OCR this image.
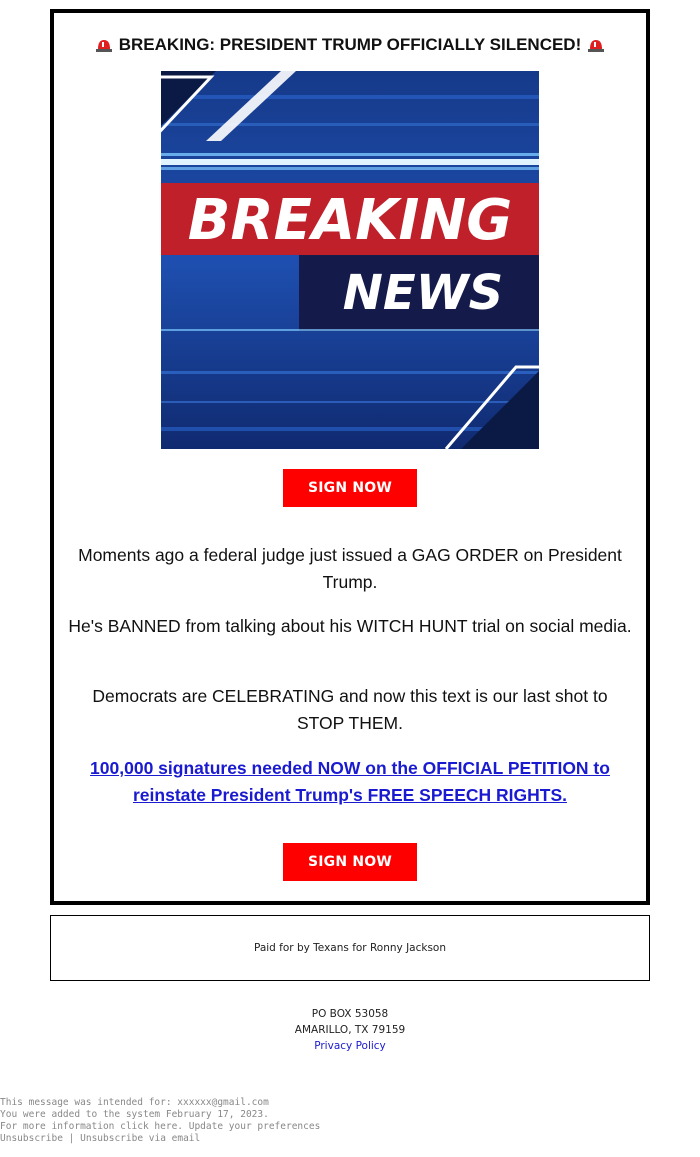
BREAKING: PRESIDENT TRUMP OFFICIALLY SILENCED!
BREAKING
NEWS
SIGN NOW

Moments ago a federal judge just issued a GAG ORDER on President Trump.

He's BANNED from talking about his WITCH HUNT trial on social media.

Democrats are CELEBRATING and now this text is our last shot to STOP THEM.

100,000 signatures needed NOW on the OFFICIAL PETITION to reinstate President Trump's FREE SPEECH RIGHTS.
SIGN NOW
Paid for by Texans for Ronny Jackson
PO BOX 53058
AMARILLO, TX 79159
Privacy Policy
This message was intended for: xxxxxx@gmail.com
You were added to the system February 17, 2023.
For more information click here. Update your preferences
Unsubscribe | Unsubscribe via email
